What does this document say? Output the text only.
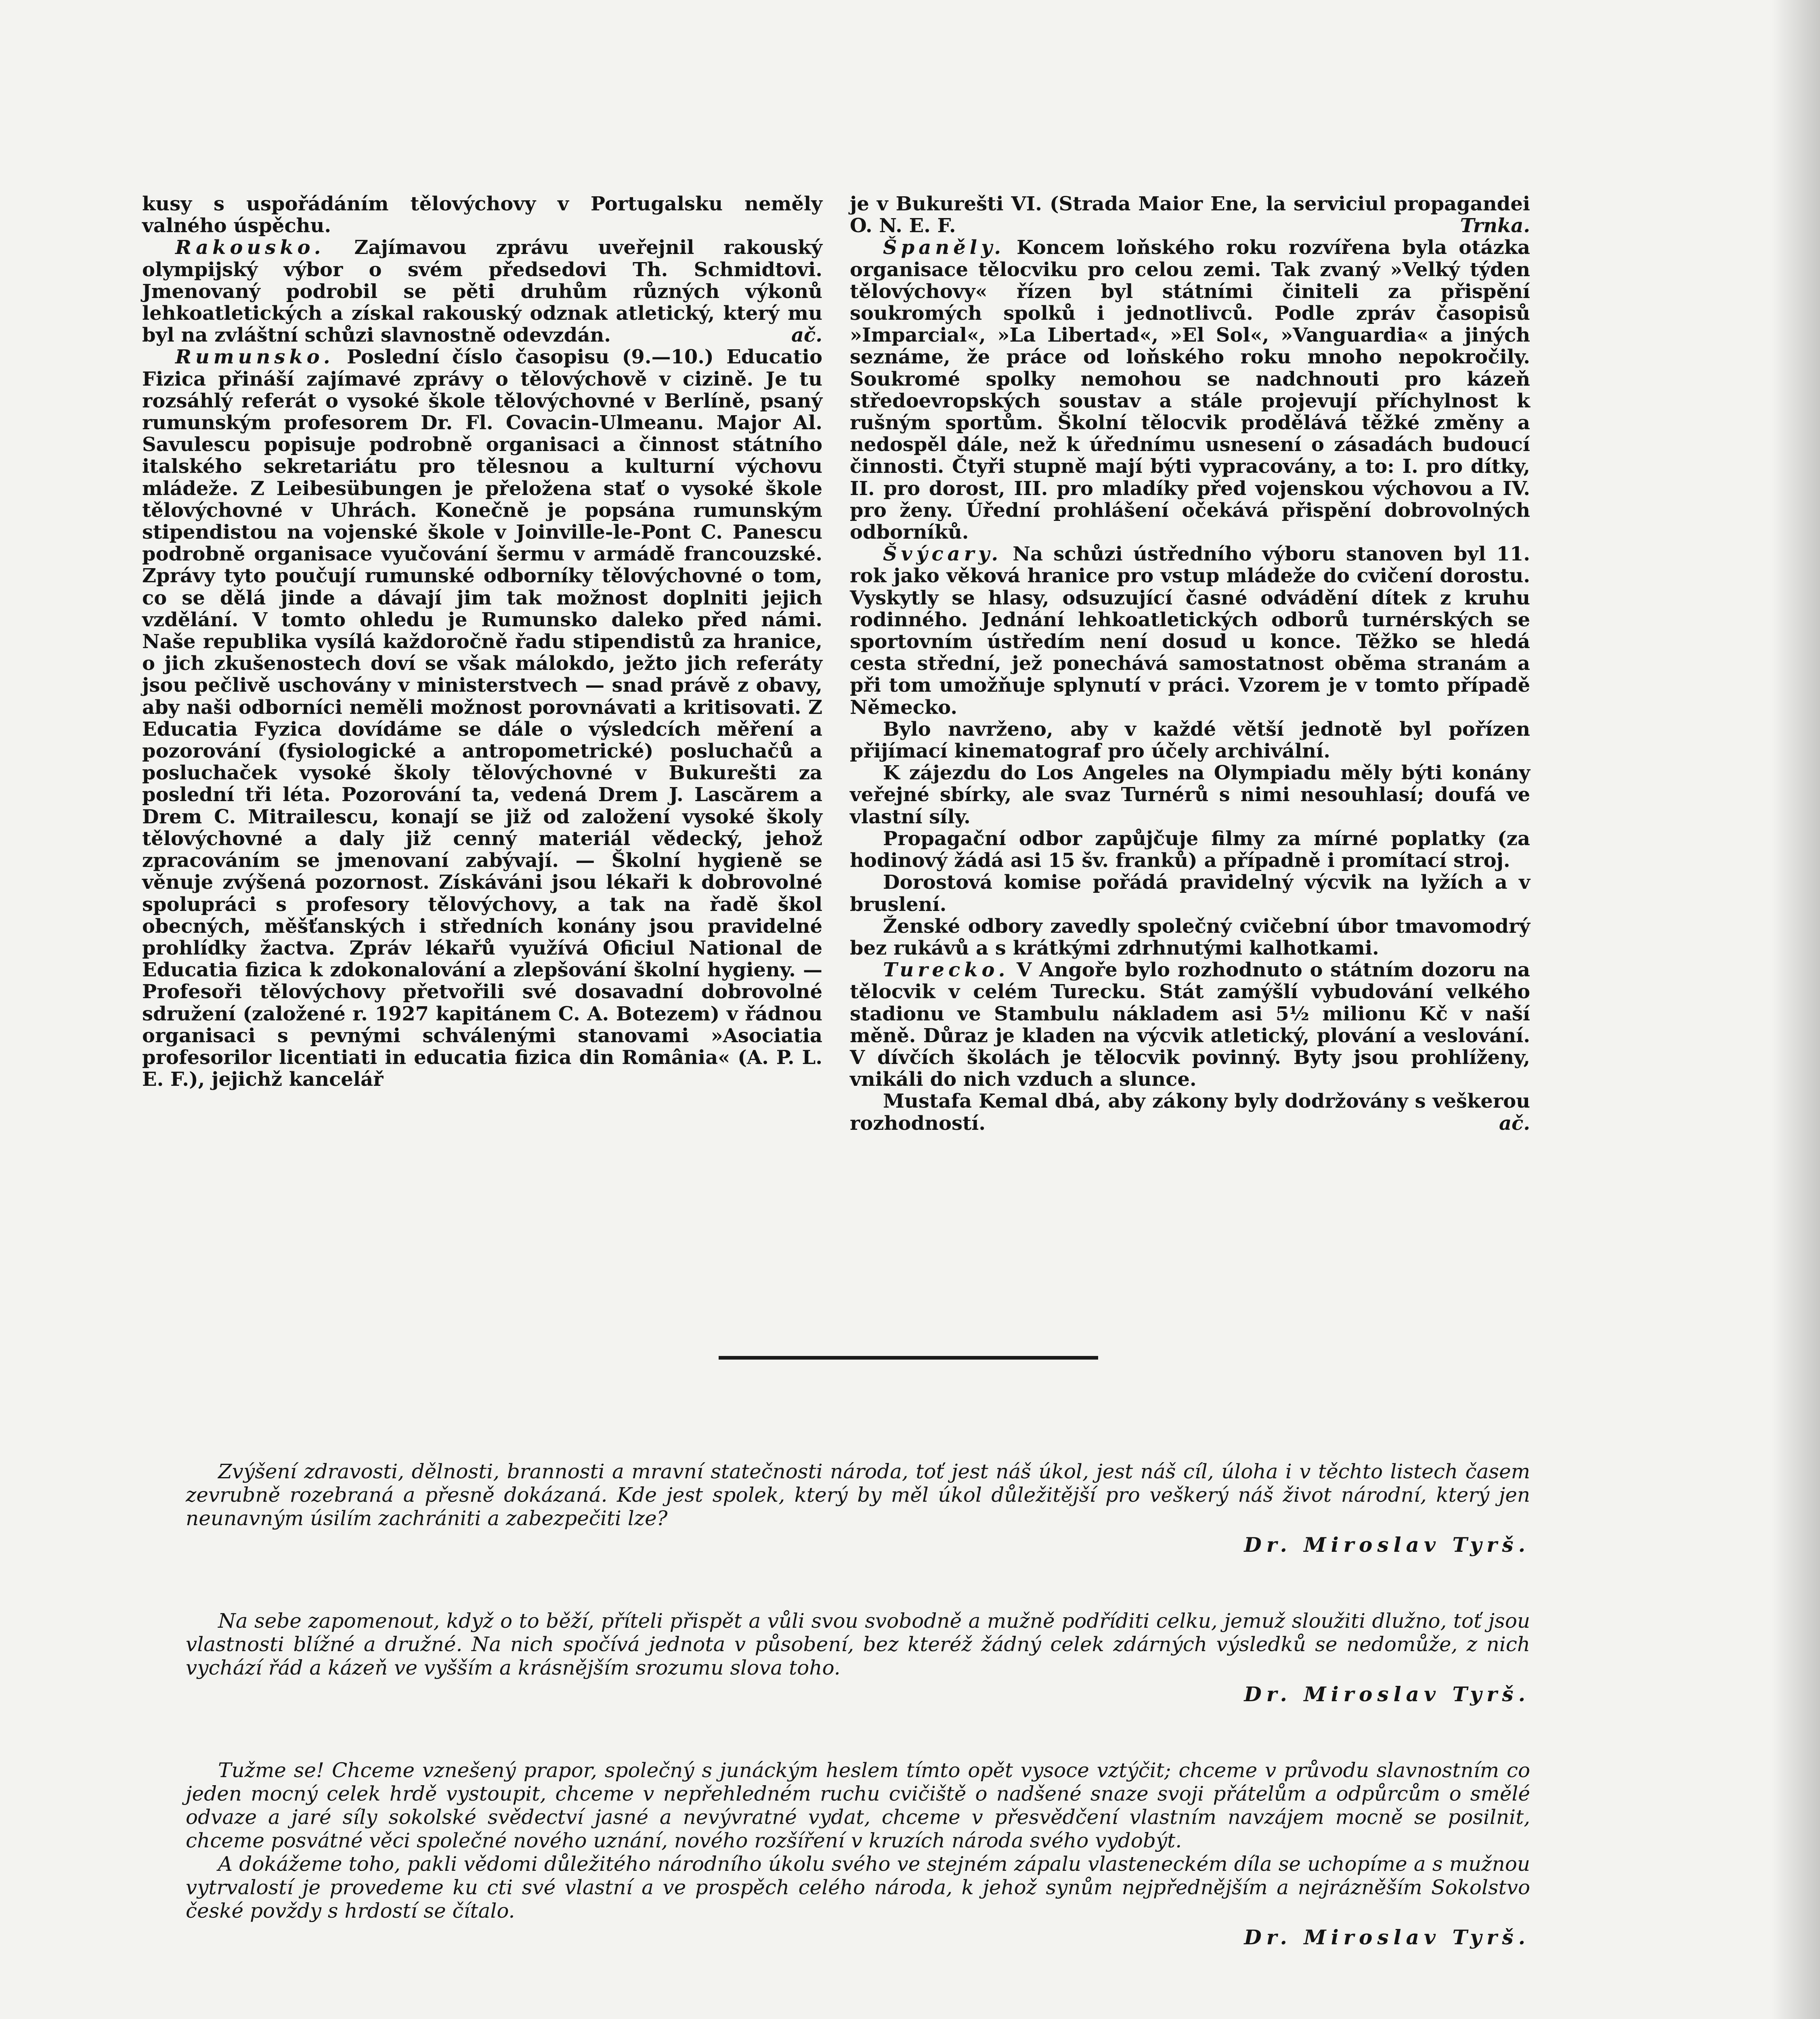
kusy s uspořádáním tělovýchovy v Portugalsku neměly valného úspěchu.

Rakousko. Zajímavou zprávu uveřejnil rakouský olympijský výbor o svém předsedovi Th. Schmidtovi. Jmenovaný podrobil se pěti druhům různých výkonů lehkoatletických a získal rakouský odznak atletický, který mu byl na zvláštní schůzi slavnostně odevzdán.	ač.

Rumunsko. Poslední číslo časopisu (9.—10.) Educatio Fizica přináší zajímavé zprávy o tělovýchově v cizině. Je tu rozsáhlý referát o vysoké škole tělovýchovné v Berlíně, psaný rumunským profesorem Dr. Fl. Covacin-Ulmeanu. Major Al. Savulescu popisuje podrobně organisaci a činnost státního italského sekretariátu pro tělesnou a kulturní výchovu mládeže. Z Leibesübungen je přeložena stať o vysoké škole tělovýchovné v Uhrách. Konečně je popsána rumunským stipendistou na vojenské škole v Joinville-le-Pont C. Panescu podrobně organisace vyučování šermu v armádě francouzské. Zprávy tyto poučují rumunské odborníky tělovýchovné o tom, co se dělá jinde a dávají jim tak možnost doplniti jejich vzdělání. V tomto ohledu je Rumunsko daleko před námi. Naše republika vysílá každoročně řadu stipendistů za hranice, o jich zkušenostech doví se však málokdo, ježto jich referáty jsou pečlivě uschovány v ministerstvech — snad právě z obavy, aby naši odborníci neměli možnost porovnávati a kritisovati. Z Educatia Fyzica dovídáme se dále o výsledcích měření a pozorování (fysiologické a antropometrické) posluchačů a posluchaček vysoké školy tělovýchovné v Bukurešti za poslední tři léta. Pozorování ta, vedená Drem J. Lascărem a Drem C. Mitrailescu, konají se již od založení vysoké školy tělovýchovné a daly již cenný materiál vědecký, jehož zpracováním se jmenovaní zabývají. — Školní hygieně se věnuje zvýšená pozornost. Získáváni jsou lékaři k dobrovolné spolupráci s profesory tělovýchovy, a tak na řadě škol obecných, měšťanských i středních konány jsou pravidelné prohlídky žactva. Zpráv lékařů využívá Oficiul National de Educatia fizica k zdokonalování a zlepšování školní hygieny. — Profesoři tělovýchovy přetvořili své dosavadní dobrovolné sdružení (založené r. 1927 kapitánem C. A. Botezem) v řádnou organisaci s pevnými schválenými stanovami »Asociatia profesorilor licentiati in educatia fizica din România« (A. P. L. E. F.), jejichž kancelář

je v Bukurešti VI. (Strada Maior Ene, la serviciul propagandei O. N. E. F.	Trnka.

Španěly. Koncem loňského roku rozvířena byla otázka organisace tělocviku pro celou zemi. Tak zvaný »Velký týden tělovýchovy« řízen byl státními činiteli za přispění soukromých spolků i jednotlivců. Podle zpráv časopisů »Imparcial«, »La Libertad«, »El Sol«, »Vanguardia« a jiných seznáme, že práce od loňského roku mnoho nepokročily. Soukromé spolky nemohou se nadchnouti pro kázeň středoevropských soustav a stále projevují příchylnost k rušným sportům. Školní tělocvik prodělává těžké změny a nedospěl dále, než k úřednímu usnesení o zásadách budoucí činnosti. Čtyři stupně mají býti vypracovány, a to: I. pro dítky, II. pro dorost, III. pro mladíky před vojenskou výchovou a IV. pro ženy. Úřední prohlášení očekává přispění dobrovolných odborníků.

Švýcary. Na schůzi ústředního výboru stanoven byl 11. rok jako věková hranice pro vstup mládeže do cvičení dorostu. Vyskytly se hlasy, odsuzující časné odvádění dítek z kruhu rodinného. Jednání lehkoatletických odborů turnérských se sportovním ústředím není dosud u konce. Těžko se hledá cesta střední, jež ponechává samostatnost oběma stranám a při tom umožňuje splynutí v práci. Vzorem je v tomto případě Německo.

Bylo navrženo, aby v každé větší jednotě byl pořízen přijímací kinematograf pro účely archivální.

K zájezdu do Los Angeles na Olympiadu měly býti konány veřejné sbírky, ale svaz Turnérů s nimi nesouhlasí; doufá ve vlastní síly.

Propagační odbor zapůjčuje filmy za mírné poplatky (za hodinový žádá asi 15 šv. franků) a případně i promítací stroj.

Dorostová komise pořádá pravidelný výcvik na lyžích a v bruslení.

Ženské odbory zavedly společný cvičební úbor tmavomodrý bez rukávů a s krátkými zdrhnutými kalhotkami.

Turecko. V Angoře bylo rozhodnuto o státním dozoru na tělocvik v celém Turecku. Stát zamýšlí vybudování velkého stadionu ve Stambulu nákladem asi 5½ milionu Kč v naší měně. Důraz je kladen na výcvik atletický, plování a veslování. V dívčích školách je tělocvik povinný. Byty jsou prohlíženy, vnikáli do nich vzduch a slunce.

Mustafa Kemal dbá, aby zákony byly dodržovány s veškerou rozhodností.	ač.

Zvýšení zdravosti, dělnosti, brannosti a mravní statečnosti národa, toť jest náš úkol, jest náš cíl, úloha i v těchto listech časem zevrubně rozebraná a přesně dokázaná. Kde jest spolek, který by měl úkol důležitější pro veškerý náš život národní, který jen neunavným úsilím zachrániti a zabezpečiti lze?

Dr. Miroslav Tyrš.

Na sebe zapomenout, když o to běží, příteli přispět a vůli svou svobodně a mužně podříditi celku, jemuž sloužiti dlužno, toť jsou vlastnosti blížné a družné. Na nich spočívá jednota v působení, bez kteréž žádný celek zdárných výsledků se nedomůže, z nich vychází řád a kázeň ve vyšším a krásnějším srozumu slova toho.

Dr. Miroslav Tyrš.

Tužme se! Chceme vznešený prapor, společný s junáckým heslem tímto opět vysoce vztýčit; chceme v průvodu slavnostním co jeden mocný celek hrdě vystoupit, chceme v nepřehledném ruchu cvičiště o nadšené snaze svoji přátelům a odpůrcům o smělé odvaze a jaré síly sokolské svědectví jasné a nevývratné vydat, chceme v přesvědčení vlastním navzájem mocně se posilnit, chceme posvátné věci společné nového uznání, nového rozšíření v kruzích národa svého vydobýt.

A dokážeme toho, pakli vědomi důležitého národního úkolu svého ve stejném zápalu vlasteneckém díla se uchopíme a s mužnou vytrvalostí je provedeme ku cti své vlastní a ve prospěch celého národa, k jehož synům nejpřednějším a nejrázněším Sokolstvo české povždy s hrdostí se čítalo.

Dr. Miroslav Tyrš.
